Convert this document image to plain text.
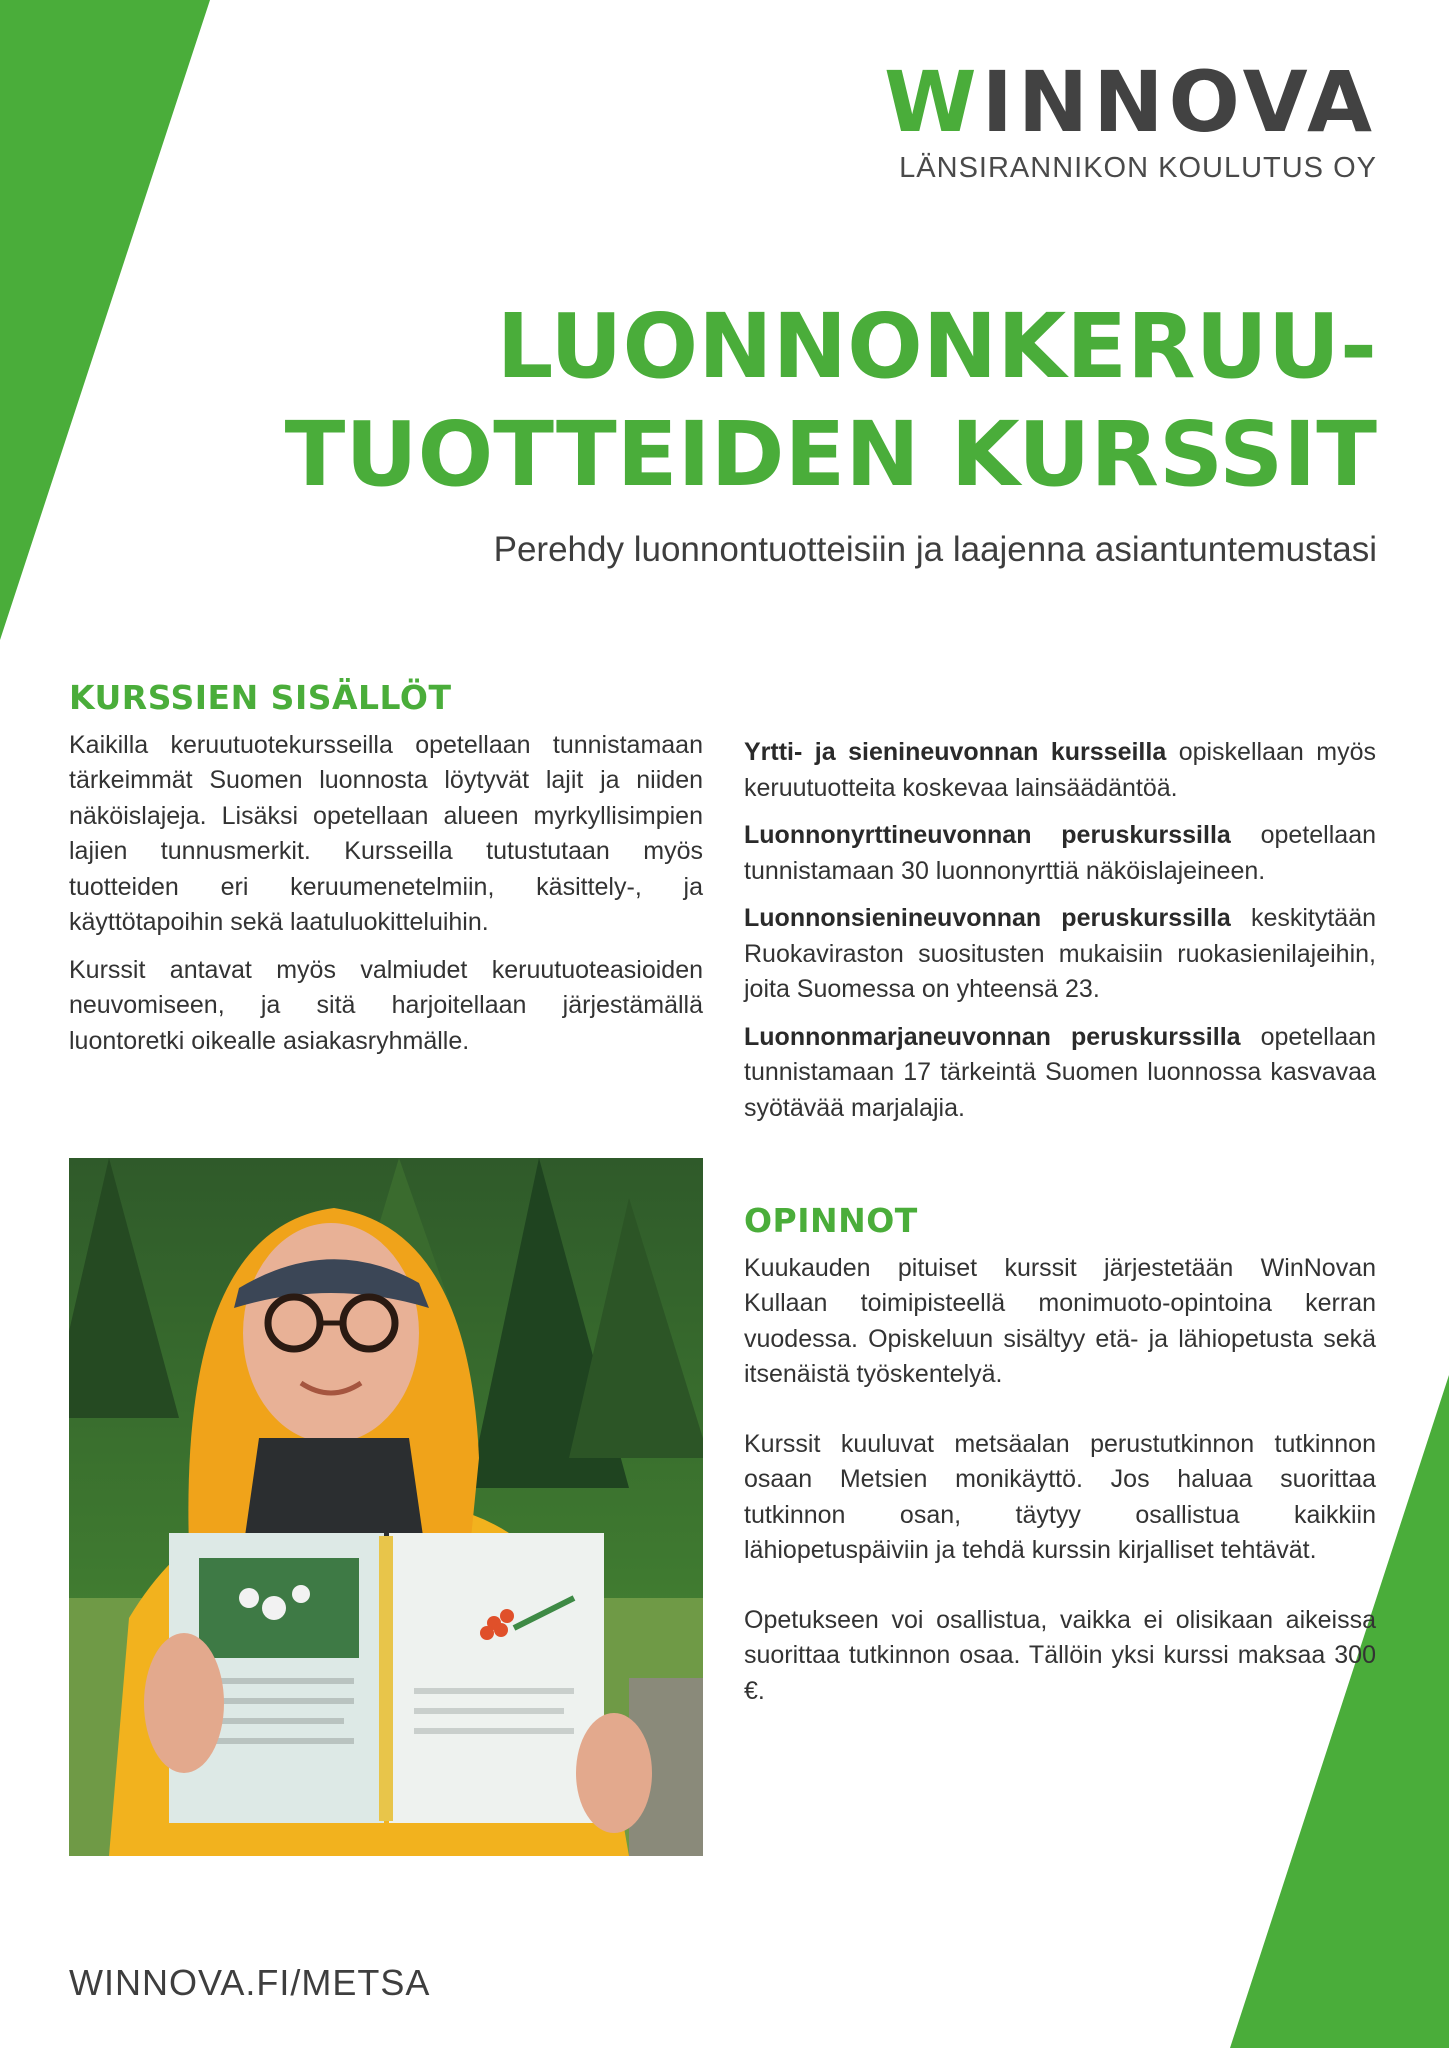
WINNOVA
LÄNSIRANNIKON KOULUTUS OY
LUONNONKERUU-
TUOTTEIDEN KURSSIT
Perehdy luonnontuotteisiin ja laajenna asiantuntemustasi
KURSSIEN SISÄLLÖT

Kaikilla keruutuotekursseilla opetellaan tunnistamaan tärkeimmät Suomen luonnosta löytyvät lajit ja niiden näköislajeja. Lisäksi opetellaan alueen myrkyllisimpien lajien tunnusmerkit. Kursseilla tutustutaan myös tuotteiden eri keruumenetelmiin, käsittely-, ja käyttötapoihin sekä laatuluokitteluihin.

Kurssit antavat myös valmiudet keruutuoteasioiden neuvomiseen, ja sitä harjoitellaan järjestämällä luontoretki oikealle asiakasryhmälle.

Yrtti- ja sienineuvonnan kursseilla opiskellaan myös keruutuotteita koskevaa lainsäädäntöä.

Luonnonyrttineuvonnan peruskurssilla opetellaan tunnistamaan 30 luonnonyrttiä näköislajeineen.

Luonnonsienineuvonnan peruskurssilla keskitytään Ruokaviraston suositusten mukaisiin ruokasienilajeihin, joita Suomessa on yhteensä 23.

Luonnonmarjaneuvonnan peruskurssilla opetellaan tunnistamaan 17 tärkeintä Suomen luonnossa kasvavaa syötävää marjalajia.

OPINNOT

Kuukauden pituiset kurssit järjestetään WinNovan Kullaan toimipisteellä monimuoto-opintoina kerran vuodessa. Opiskeluun sisältyy etä- ja lähiopetusta sekä itsenäistä työskentelyä.

Kurssit kuuluvat metsäalan perustutkinnon tutkinnon osaan Metsien monikäyttö. Jos haluaa suorittaa tutkinnon osan, täytyy osallistua kaikkiin lähiopetuspäiviin ja tehdä kurssin kirjalliset tehtävät.

Opetukseen voi osallistua, vaikka ei olisikaan aikeissa suorittaa tutkinnon osaa. Tällöin yksi kurssi maksaa 300 €.

WINNOVA.FI/METSA
